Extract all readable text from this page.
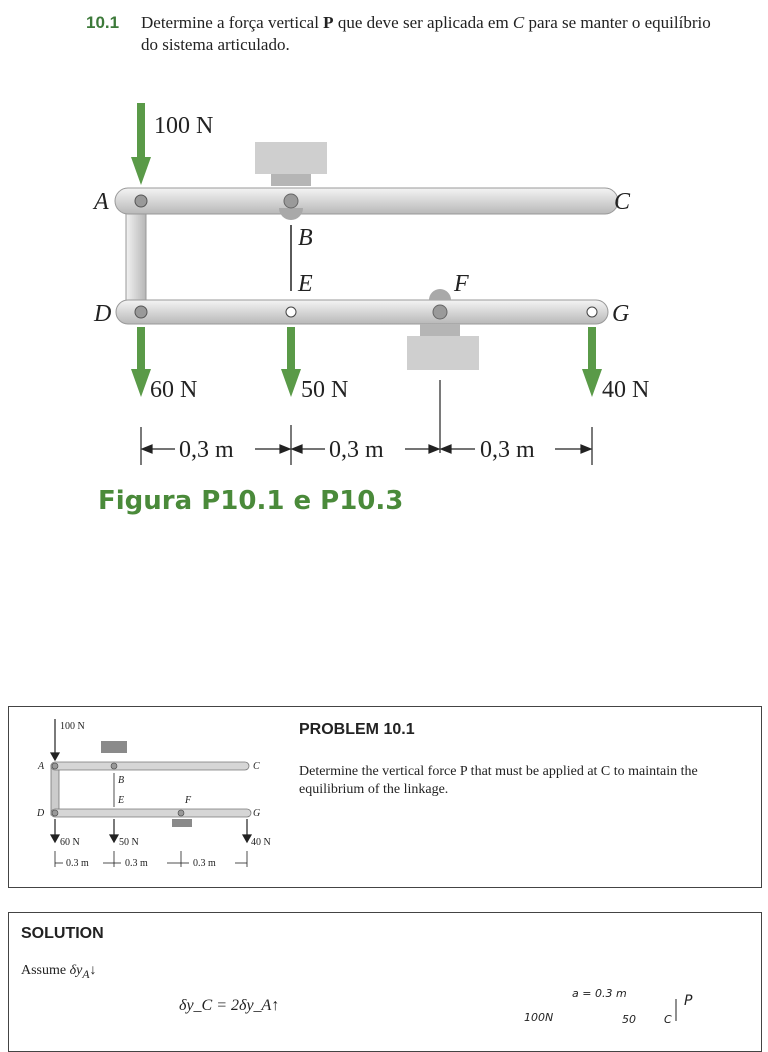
10.1 Determine a força vertical P que deve ser aplicada em C para se manter o equilíbrio do sistema articulado.
100 N
A	C
B
E	F
D	G
60 N	50 N	40 N
0,3 m	0,3 m	0,3 m
Figura P10.1 e P10.3
100 N
A	C
B
E	F
D	G
60 N	50 N	40 N
0.3 m	0.3 m	0.3 m
PROBLEM 10.1
Determine the vertical force P that must be applied at C to maintain the equilibrium of the linkage.
SOLUTION
Assume $\delta y_A↓$
δy_C = 2δy_A↑
a = 0.3 m
100N	50	C
P
